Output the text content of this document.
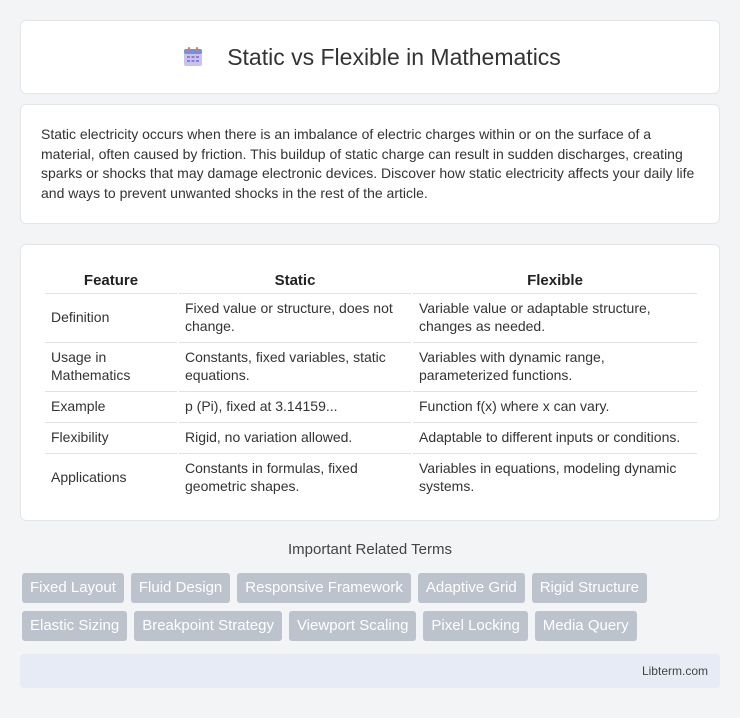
Static vs Flexible in Mathematics

Static electricity occurs when there is an imbalance of electric charges within or on the surface of a material, often caused by friction. This buildup of static charge can result in sudden discharges, creating sparks or shocks that may damage electronic devices. Discover how static electricity affects your daily life and ways to prevent unwanted shocks in the rest of the article.

Feature	Static	Flexible
Definition	Fixed value or structure, does not change.	Variable value or adaptable structure, changes as needed.
Usage in Mathematics	Constants, fixed variables, static equations.	Variables with dynamic range, parameterized functions.
Example	p (Pi), fixed at 3.14159...	Function f(x) where x can vary.
Flexibility	Rigid, no variation allowed.	Adaptable to different inputs or conditions.
Applications	Constants in formulas, fixed geometric shapes.	Variables in equations, modeling dynamic systems.
Important Related Terms
Fixed Layout	Fluid Design	Responsive Framework	Adaptive Grid	Rigid Structure
Elastic Sizing	Breakpoint Strategy	Viewport Scaling	Pixel Locking	Media Query
Libterm.com
